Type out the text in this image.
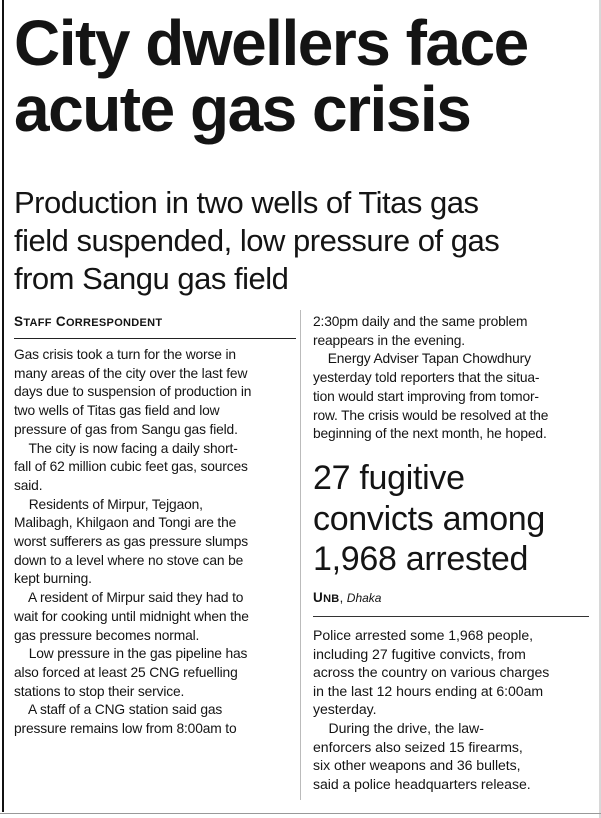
City dwellers face
acute gas crisis
Production in two wells of Titas gas
field suspended, low pressure of gas
from Sangu gas field

STAFF CORRESPONDENT

Gas crisis took a turn for the worse in
many areas of the city over the last few
days due to suspension of production in
two wells of Titas gas field and low
pressure of gas from Sangu gas field.
The city is now facing a daily short-
fall of 62 million cubic feet gas, sources
said.
Residents of Mirpur, Tejgaon,
Malibagh, Khilgaon and Tongi are the
worst sufferers as gas pressure slumps
down to a level where no stove can be
kept burning.
A resident of Mirpur said they had to
wait for cooking until midnight when the
gas pressure becomes normal.
Low pressure in the gas pipeline has
also forced at least 25 CNG refuelling
stations to stop their service.
A staff of a CNG station said gas
pressure remains low from 8:00am to
2:30pm daily and the same problem
reappears in the evening.
Energy Adviser Tapan Chowdhury
yesterday told reporters that the situa-
tion would start improving from tomor-
row. The crisis would be resolved at the
beginning of the next month, he hoped.
27 fugitive
convicts among
1,968 arrested

UNB, Dhaka

Police arrested some 1,968 people,
including 27 fugitive convicts, from
across the country on various charges
in the last 12 hours ending at 6:00am
yesterday.
During the drive, the law-
enforcers also seized 15 firearms,
six other weapons and 36 bullets,
said a police headquarters release.
